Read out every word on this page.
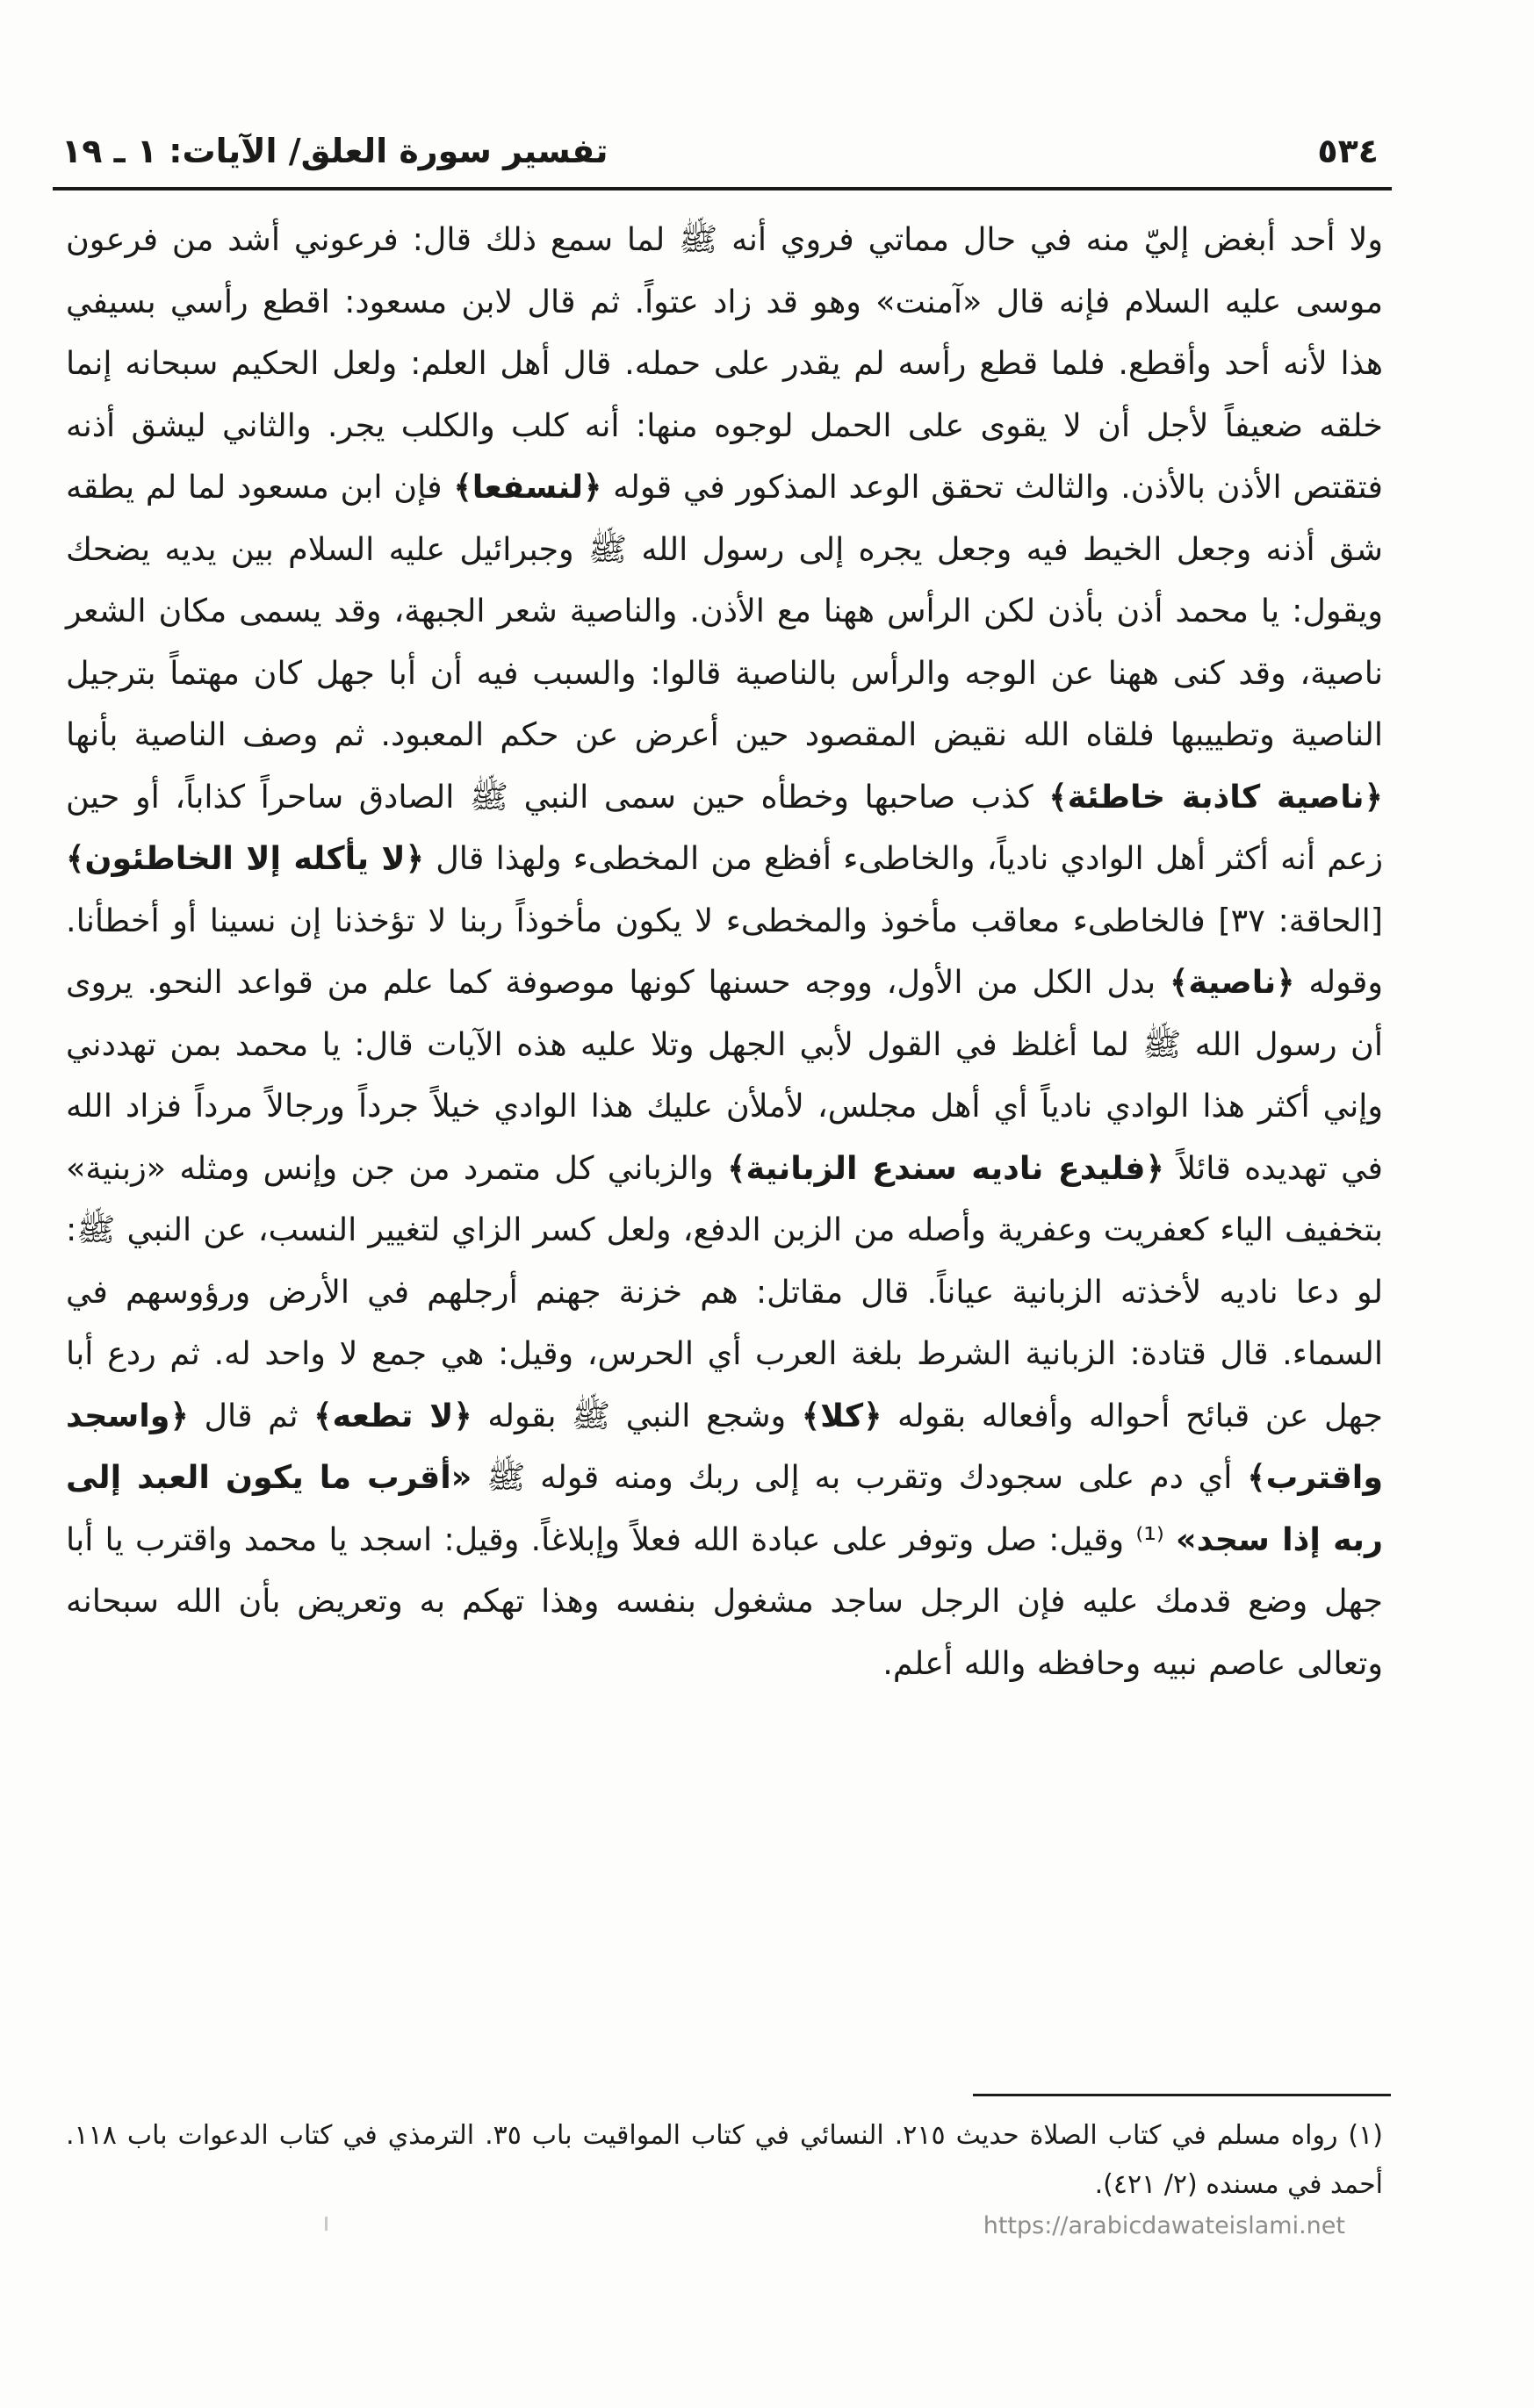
٥٣٤
تفسير سورة العلق/ الآيات: ١ ـ ١٩

ولا أحد أبغض إليّ منه في حال مماتي فروي أنه ﷺ لما سمع ذلك قال: فرعوني أشد من فرعون موسى عليه السلام فإنه قال «آمنت» وهو قد زاد عتواً. ثم قال لابن مسعود: اقطع رأسي بسيفي هذا لأنه أحد وأقطع. فلما قطع رأسه لم يقدر على حمله. قال أهل العلم: ولعل الحكيم سبحانه إنما خلقه ضعيفاً لأجل أن لا يقوى على الحمل لوجوه منها: أنه كلب والكلب يجر. والثاني ليشق أذنه فتقتص الأذن بالأذن. والثالث تحقق الوعد المذكور في قوله ﴿لنسفعا﴾ فإن ابن مسعود لما لم يطقه شق أذنه وجعل الخيط فيه وجعل يجره إلى رسول الله ﷺ وجبرائيل عليه السلام بين يديه يضحك ويقول: يا محمد أذن بأذن لكن الرأس ههنا مع الأذن. والناصية شعر الجبهة، وقد يسمى مكان الشعر ناصية، وقد كنى ههنا عن الوجه والرأس بالناصية قالوا: والسبب فيه أن أبا جهل كان مهتماً بترجيل الناصية وتطييبها فلقاه الله نقيض المقصود حين أعرض عن حكم المعبود. ثم وصف الناصية بأنها ﴿ناصية كاذبة خاطئة﴾ كذب صاحبها وخطأه حين سمى النبي ﷺ الصادق ساحراً كذاباً، أو حين زعم أنه أكثر أهل الوادي نادياً، والخاطىء أفظع من المخطىء ولهذا قال ﴿لا يأكله إلا الخاطئون﴾ [الحاقة: ٣٧] فالخاطىء معاقب مأخوذ والمخطىء لا يكون مأخوذاً ربنا لا تؤخذنا إن نسينا أو أخطأنا. وقوله ﴿ناصية﴾ بدل الكل من الأول، ووجه حسنها كونها موصوفة كما علم من قواعد النحو. يروى أن رسول الله ﷺ لما أغلظ في القول لأبي الجهل وتلا عليه هذه الآيات قال: يا محمد بمن تهددني وإني أكثر هذا الوادي نادياً أي أهل مجلس، لأملأن عليك هذا الوادي خيلاً جرداً ورجالاً مرداً فزاد الله في تهديده قائلاً ﴿فليدع ناديه سندع الزبانية﴾ والزباني كل متمرد من جن وإنس ومثله «زبنية» بتخفيف الياء كعفريت وعفرية وأصله من الزبن الدفع، ولعل كسر الزاي لتغيير النسب، عن النبي ﷺ: لو دعا ناديه لأخذته الزبانية عياناً. قال مقاتل: هم خزنة جهنم أرجلهم في الأرض ورؤوسهم في السماء. قال قتادة: الزبانية الشرط بلغة العرب أي الحرس، وقيل: هي جمع لا واحد له. ثم ردع أبا جهل عن قبائح أحواله وأفعاله بقوله ﴿كلا﴾ وشجع النبي ﷺ بقوله ﴿لا تطعه﴾ ثم قال ﴿واسجد واقترب﴾ أي دم على سجودك وتقرب به إلى ربك ومنه قوله ﷺ «أقرب ما يكون العبد إلى ربه إذا سجد» ⁽¹⁾ وقيل: صل وتوفر على عبادة الله فعلاً وإبلاغاً. وقيل: اسجد يا محمد واقترب يا أبا جهل وضع قدمك عليه فإن الرجل ساجد مشغول بنفسه وهذا تهكم به وتعريض بأن الله سبحانه وتعالى عاصم نبيه وحافظه والله أعلم.

(١) رواه مسلم في كتاب الصلاة حديث ٢١٥. النسائي في كتاب المواقيت باب ٣٥. الترمذي في كتاب الدعوات باب ١١٨. أحمد في مسنده (٢/ ٤٢١).

https://arabicdawateislami.net
